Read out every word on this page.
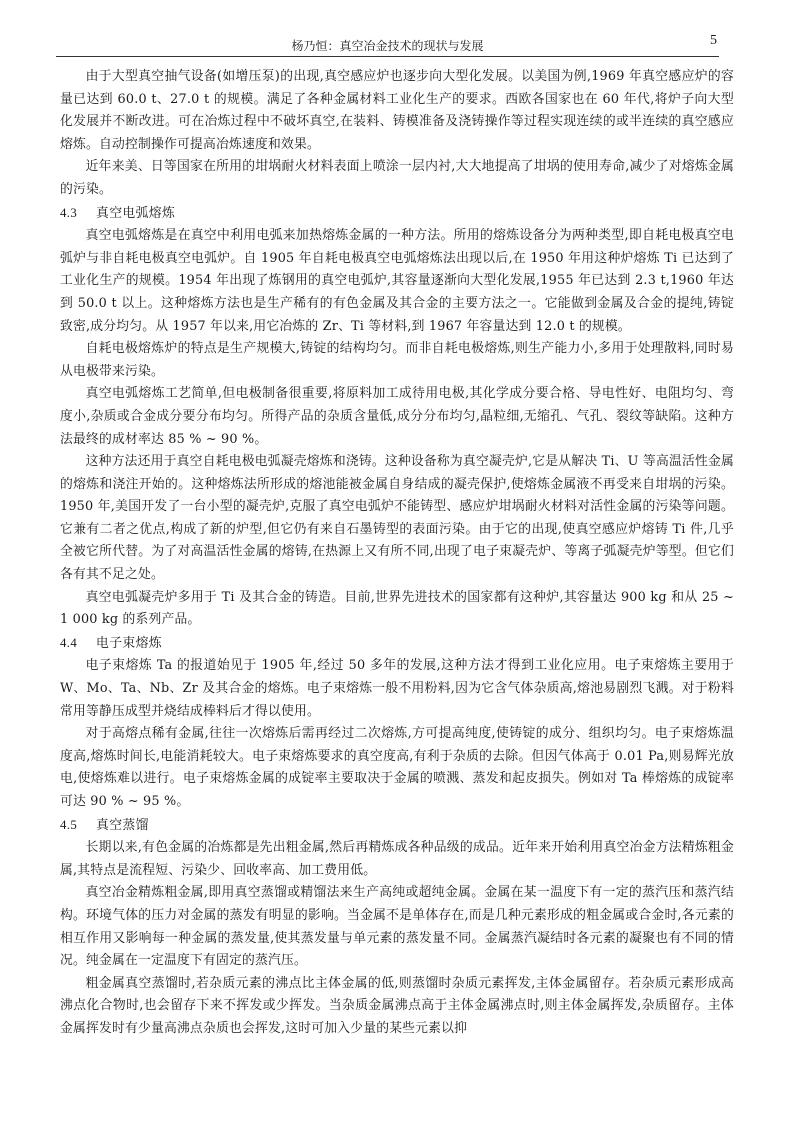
杨乃恒：真空冶金技术的现状与发展	5

由于大型真空抽气设备(如增压泵)的出现,真空感应炉也逐步向大型化发展。以美国为例,1969 年真空感应炉的容量已达到 60.0 t、27.0 t 的规模。满足了各种金属材料工业化生产的要求。西欧各国家也在 60 年代,将炉子向大型化发展并不断改进。可在冶炼过程中不破坏真空,在装料、铸模准备及浇铸操作等过程实现连续的或半连续的真空感应熔炼。自动控制操作可提高冶炼速度和效果。

近年来美、日等国家在所用的坩埚耐火材料表面上喷涂一层内衬,大大地提高了坩埚的使用寿命,减少了对熔炼金属的污染。

4.3 真空电弧熔炼

真空电弧熔炼是在真空中利用电弧来加热熔炼金属的一种方法。所用的熔炼设备分为两种类型,即自耗电极真空电弧炉与非自耗电极真空电弧炉。自 1905 年自耗电极真空电弧熔炼法出现以后,在 1950 年用这种炉熔炼 Ti 已达到了工业化生产的规模。1954 年出现了炼钢用的真空电弧炉,其容量逐渐向大型化发展,1955 年已达到 2.3 t,1960 年达到 50.0 t 以上。这种熔炼方法也是生产稀有的有色金属及其合金的主要方法之一。它能做到金属及合金的提纯,铸锭致密,成分均匀。从 1957 年以来,用它冶炼的 Zr、Ti 等材料,到 1967 年容量达到 12.0 t 的规模。

自耗电极熔炼炉的特点是生产规模大,铸锭的结构均匀。而非自耗电极熔炼,则生产能力小,多用于处理散料,同时易从电极带来污染。

真空电弧熔炼工艺简单,但电极制备很重要,将原料加工成待用电极,其化学成分要合格、导电性好、电阻均匀、弯度小,杂质或合金成分要分布均匀。所得产品的杂质含量低,成分分布均匀,晶粒细,无缩孔、气孔、裂纹等缺陷。这种方法最终的成材率达 85 % ~ 90 %。

这种方法还用于真空自耗电极电弧凝壳熔炼和浇铸。这种设备称为真空凝壳炉,它是从解决 Ti、U 等高温活性金属的熔炼和浇注开始的。这种熔炼法所形成的熔池能被金属自身结成的凝壳保护,使熔炼金属液不再受来自坩埚的污染。1950 年,美国开发了一台小型的凝壳炉,克服了真空电弧炉不能铸型、感应炉坩埚耐火材料对活性金属的污染等问题。它兼有二者之优点,构成了新的炉型,但它仍有来自石墨铸型的表面污染。由于它的出现,使真空感应炉熔铸 Ti 件,几乎全被它所代替。为了对高温活性金属的熔铸,在热源上又有所不同,出现了电子束凝壳炉、等离子弧凝壳炉等型。但它们各有其不足之处。

真空电弧凝壳炉多用于 Ti 及其合金的铸造。目前,世界先进技术的国家都有这种炉,其容量达 900 kg 和从 25 ~ 1 000 kg 的系列产品。

4.4 电子束熔炼

电子束熔炼 Ta 的报道始见于 1905 年,经过 50 多年的发展,这种方法才得到工业化应用。电子束熔炼主要用于 W、Mo、Ta、Nb、Zr 及其合金的熔炼。电子束熔炼一般不用粉料,因为它含气体杂质高,熔池易剧烈飞溅。对于粉料常用等静压成型并烧结成棒料后才得以使用。

对于高熔点稀有金属,往往一次熔炼后需再经过二次熔炼,方可提高纯度,使铸锭的成分、组织均匀。电子束熔炼温度高,熔炼时间长,电能消耗较大。电子束熔炼要求的真空度高,有利于杂质的去除。但因气体高于 0.01 Pa,则易辉光放电,使熔炼难以进行。电子束熔炼金属的成锭率主要取决于金属的喷溅、蒸发和起皮损失。例如对 Ta 棒熔炼的成锭率可达 90 % ~ 95 %。

4.5 真空蒸馏

长期以来,有色金属的冶炼都是先出粗金属,然后再精炼成各种品级的成品。近年来开始利用真空冶金方法精炼粗金属,其特点是流程短、污染少、回收率高、加工费用低。

真空冶金精炼粗金属,即用真空蒸馏或精馏法来生产高纯或超纯金属。金属在某一温度下有一定的蒸汽压和蒸汽结构。环境气体的压力对金属的蒸发有明显的影响。当金属不是单体存在,而是几种元素形成的粗金属或合金时,各元素的相互作用又影响每一种金属的蒸发量,使其蒸发量与单元素的蒸发量不同。金属蒸汽凝结时各元素的凝聚也有不同的情况。纯金属在一定温度下有固定的蒸汽压。

粗金属真空蒸馏时,若杂质元素的沸点比主体金属的低,则蒸馏时杂质元素挥发,主体金属留存。若杂质元素形成高沸点化合物时,也会留存下来不挥发或少挥发。当杂质金属沸点高于主体金属沸点时,则主体金属挥发,杂质留存。主体金属挥发时有少量高沸点杂质也会挥发,这时可加入少量的某些元素以抑
